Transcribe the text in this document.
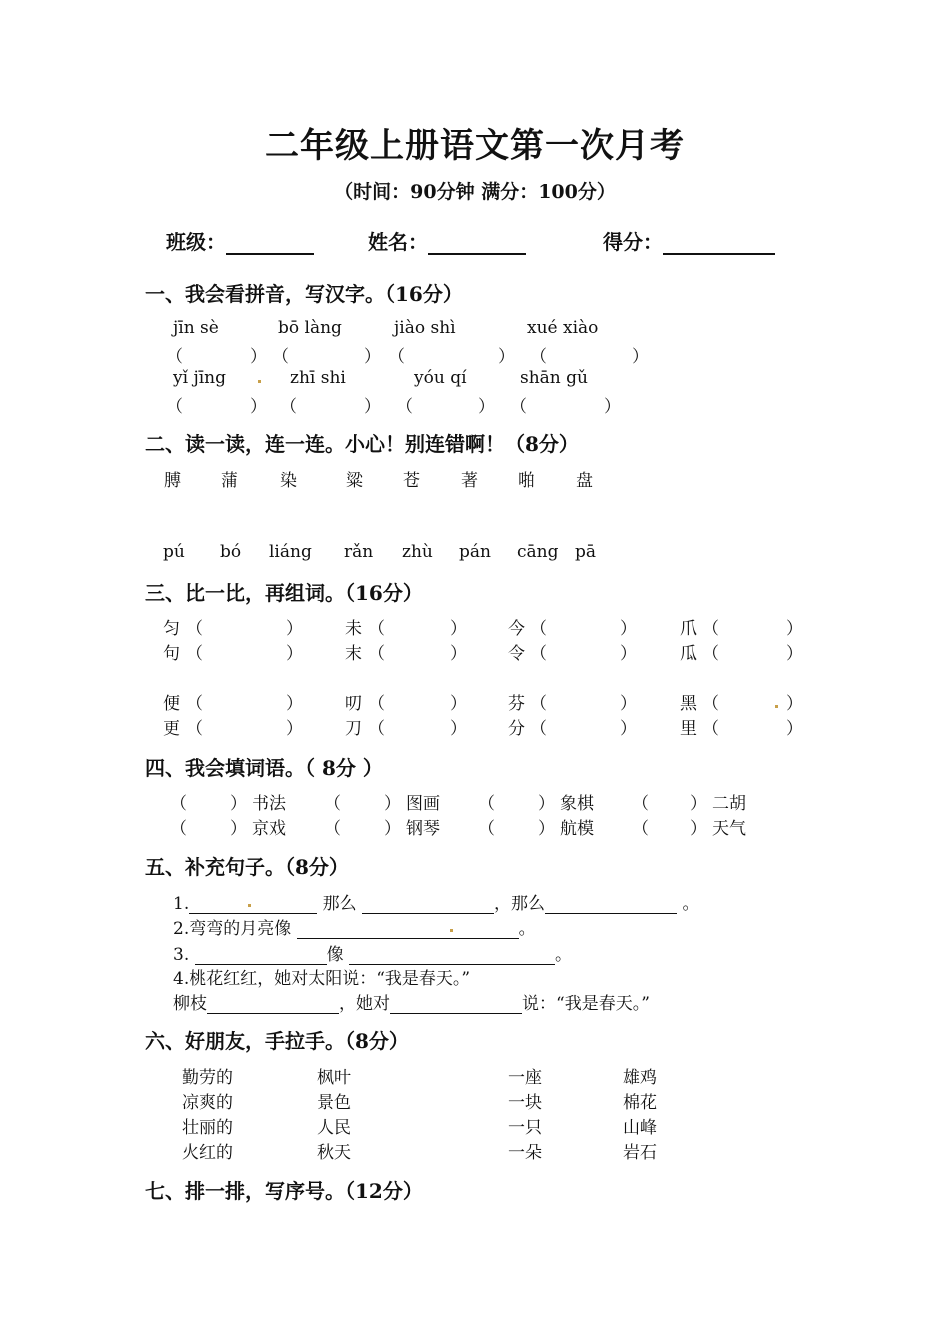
二年级上册语文第一次月考
（时间：90分钟 满分：100分）
班级：	姓名：	得分：
一、我会看拼音，写汉字。（16分）
jīn sè	bō làng	jiào shì	xué xiào
（	） （	） （	） （	）
yǐ jīng	zhī shi	yóu qí	shān gǔ
（	） （	） （	） （	）
二、读一读，连一连。小心！别连错啊！（8分）
膊 蒲 染	粱 苍 著 啪 盘
pú bó liáng rǎn zhù pán cāng pā
三、比一比，再组词。（16分）
匀 （	） 未 （	） 今 （	）	爪 （	）
句 （	） 末 （	） 令 （	）	瓜 （	）
便 （	） 叨 （	） 芬 （	）	黑 （	）
更 （	） 刀 （	） 分 （	）	里 （	）
四、我会填词语。（ 8分 ）
（	） 书法 （	） 图画 （	） 象棋 （ ） 二胡
（	） 京戏 （	） 钢琴 （	） 航模 （ ） 天气
五、补充句子。（8分）
1.	那么	，那么	。
2.弯弯的月亮像	。
3.	像	。
4.桃花红红，她对太阳说：“我是春天。”
柳枝	，她对	说：“我是春天。”
六、好朋友，手拉手。（8分）
勤劳的	枫叶	一座	雄鸡
凉爽的	景色	一块	棉花
壮丽的	人民	一只	山峰
火红的	秋天	一朵	岩石
七、排一排，写序号。（12分）
